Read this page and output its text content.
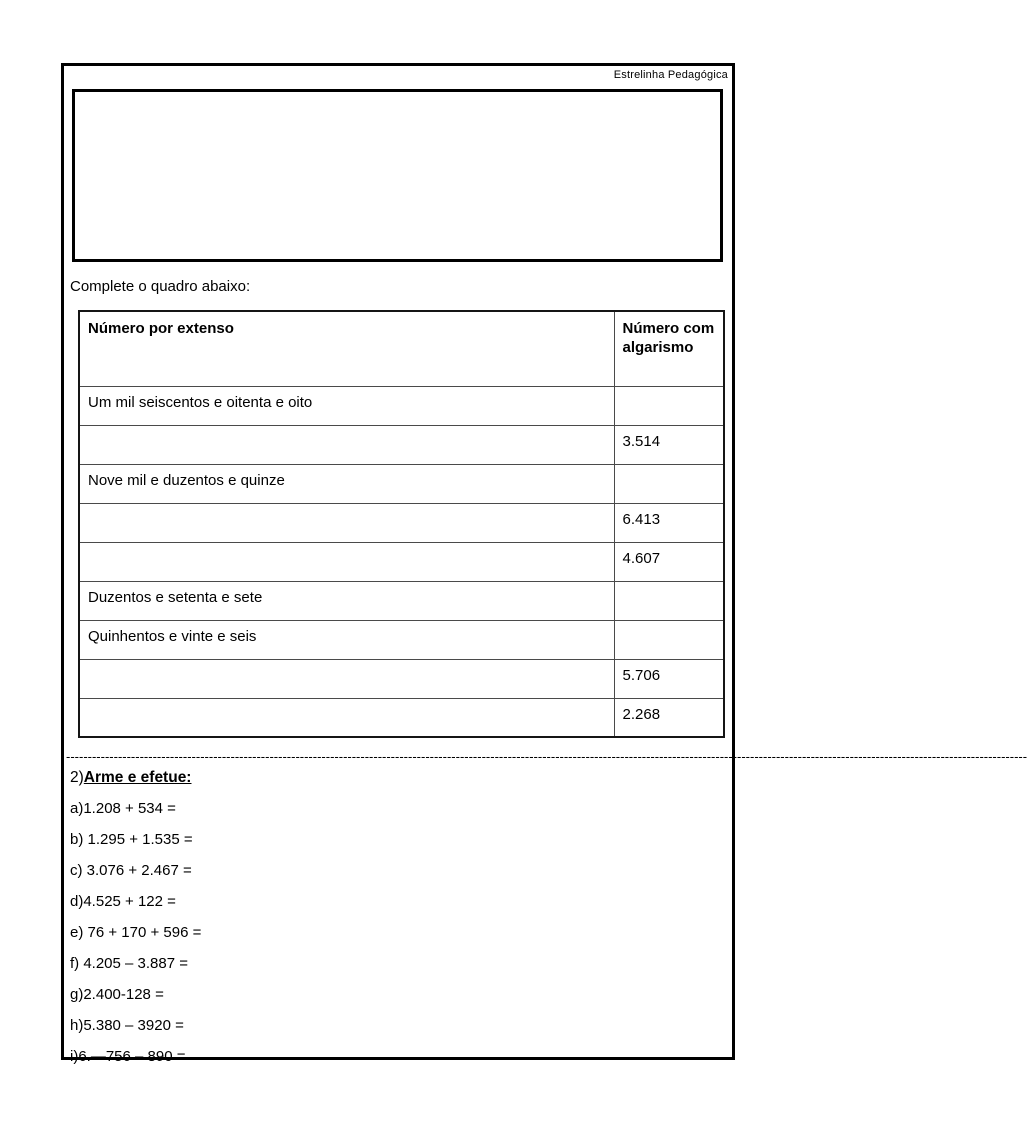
Estrelinha Pedagógica
Complete o quadro abaixo:
Número por extenso	Número com algarismo
Um mil seiscentos e oitenta e oito	
	3.514
Nove mil e duzentos e quinze	
	6.413
	4.607
Duzentos e setenta e sete	
Quinhentos e vinte e seis	
	5.706
	2.268
------------------------------------------------------------------------------------------------------------------------------------------------------------------------------------------------------------------------------
2)Arme e efetue:
a)1.208 + 534 =
b) 1.295 + 1.535 =
c) 3.076 + 2.467 =
d)4.525 + 122 =
e) 76 + 170 + 596 =
f) 4.205 – 3.887 =
g)2.400-128 =
h)5.380 – 3920 =
i)6.—756 – 890 =
